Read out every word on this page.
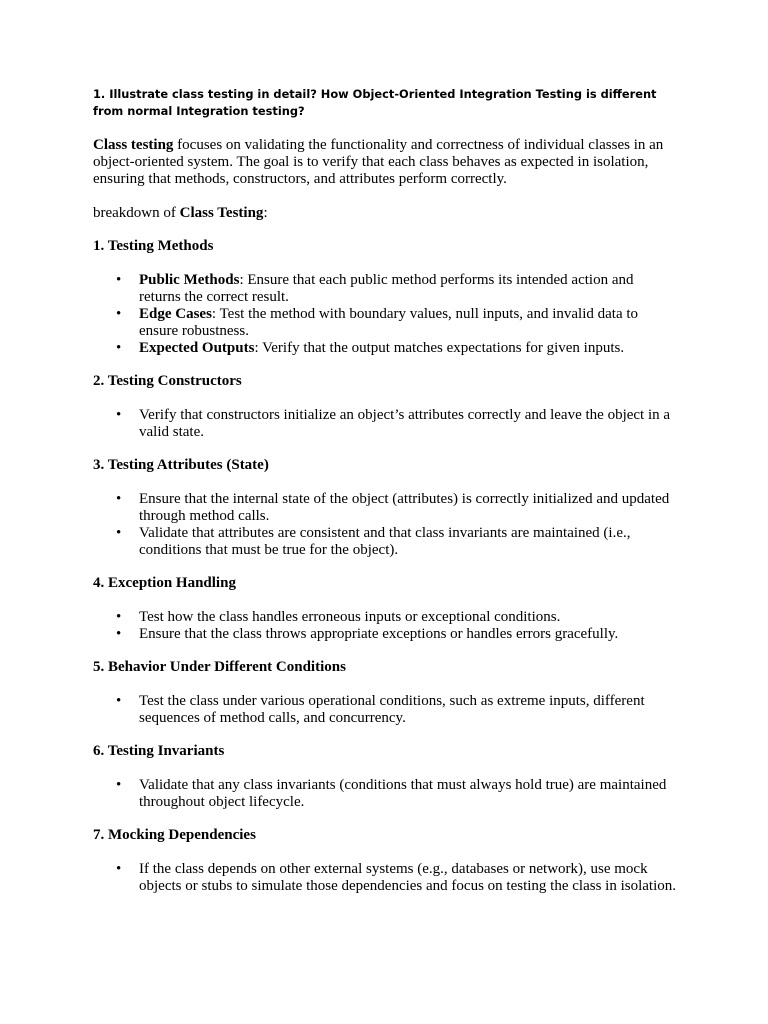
1. Illustrate class testing in detail? How Object-Oriented Integration Testing is different from normal Integration testing?

Class testing focuses on validating the functionality and correctness of individual classes in an object-oriented system. The goal is to verify that each class behaves as expected in isolation, ensuring that methods, constructors, and attributes perform correctly.

breakdown of Class Testing:

1. Testing Methods

• Public Methods: Ensure that each public method performs its intended action and returns the correct result.
• Edge Cases: Test the method with boundary values, null inputs, and invalid data to ensure robustness.
• Expected Outputs: Verify that the output matches expectations for given inputs.

2. Testing Constructors

• Verify that constructors initialize an object’s attributes correctly and leave the object in a valid state.

3. Testing Attributes (State)

• Ensure that the internal state of the object (attributes) is correctly initialized and updated through method calls.
• Validate that attributes are consistent and that class invariants are maintained (i.e., conditions that must be true for the object).

4. Exception Handling

• Test how the class handles erroneous inputs or exceptional conditions.
• Ensure that the class throws appropriate exceptions or handles errors gracefully.

5. Behavior Under Different Conditions

• Test the class under various operational conditions, such as extreme inputs, different sequences of method calls, and concurrency.

6. Testing Invariants

• Validate that any class invariants (conditions that must always hold true) are maintained throughout object lifecycle.

7. Mocking Dependencies

• If the class depends on other external systems (e.g., databases or network), use mock objects or stubs to simulate those dependencies and focus on testing the class in isolation.
